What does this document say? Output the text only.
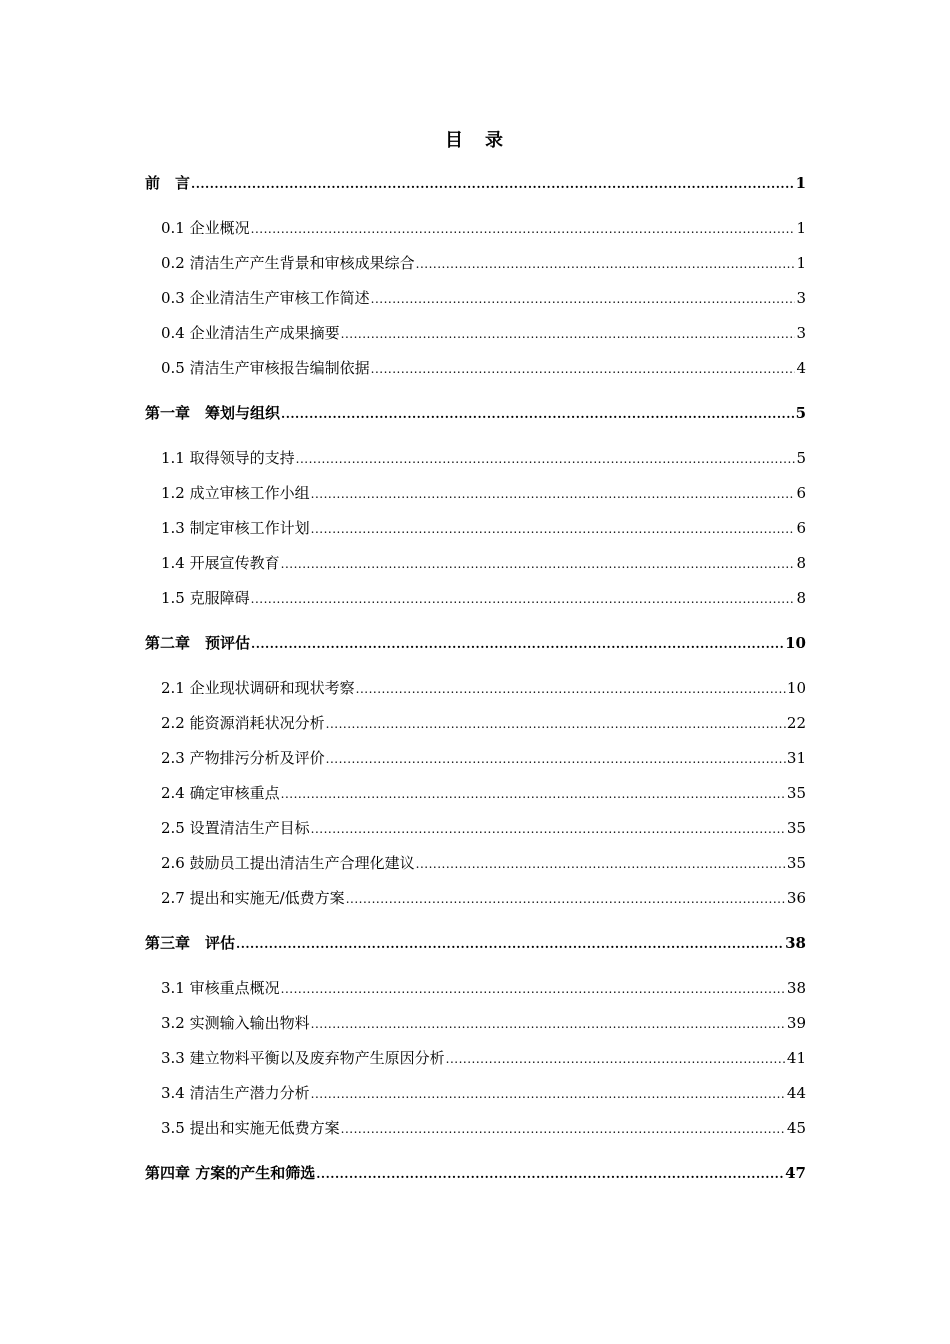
目　录
前　言 .....	1
0.1 企业概况 .....	1
0.2 清洁生产产生背景和审核成果综合 .....	1
0.3 企业清洁生产审核工作简述 .....	3
0.4 企业清洁生产成果摘要 .....	3
0.5 清洁生产审核报告编制依据 .....	4
第一章　筹划与组织 .....	5
1.1 取得领导的支持 .....	5
1.2 成立审核工作小组 .....	6
1.3 制定审核工作计划 .....	6
1.4 开展宣传教育 .....	8
1.5 克服障碍 .....	8
第二章　预评估 .....	10
2.1 企业现状调研和现状考察 .....	10
2.2 能资源消耗状况分析 .....	22
2.3 产物排污分析及评价 .....	31
2.4 确定审核重点 .....	35
2.5 设置清洁生产目标 .....	35
2.6 鼓励员工提出清洁生产合理化建议 .....	35
2.7 提出和实施无/低费方案 .....	36
第三章　评估 .....	38
3.1 审核重点概况 .....	38
3.2 实测输入输出物料 .....	39
3.3 建立物料平衡以及废弃物产生原因分析 .....	41
3.4 清洁生产潜力分析 .....	44
3.5 提出和实施无低费方案 .....	45
第四章 方案的产生和筛选 .....	47
